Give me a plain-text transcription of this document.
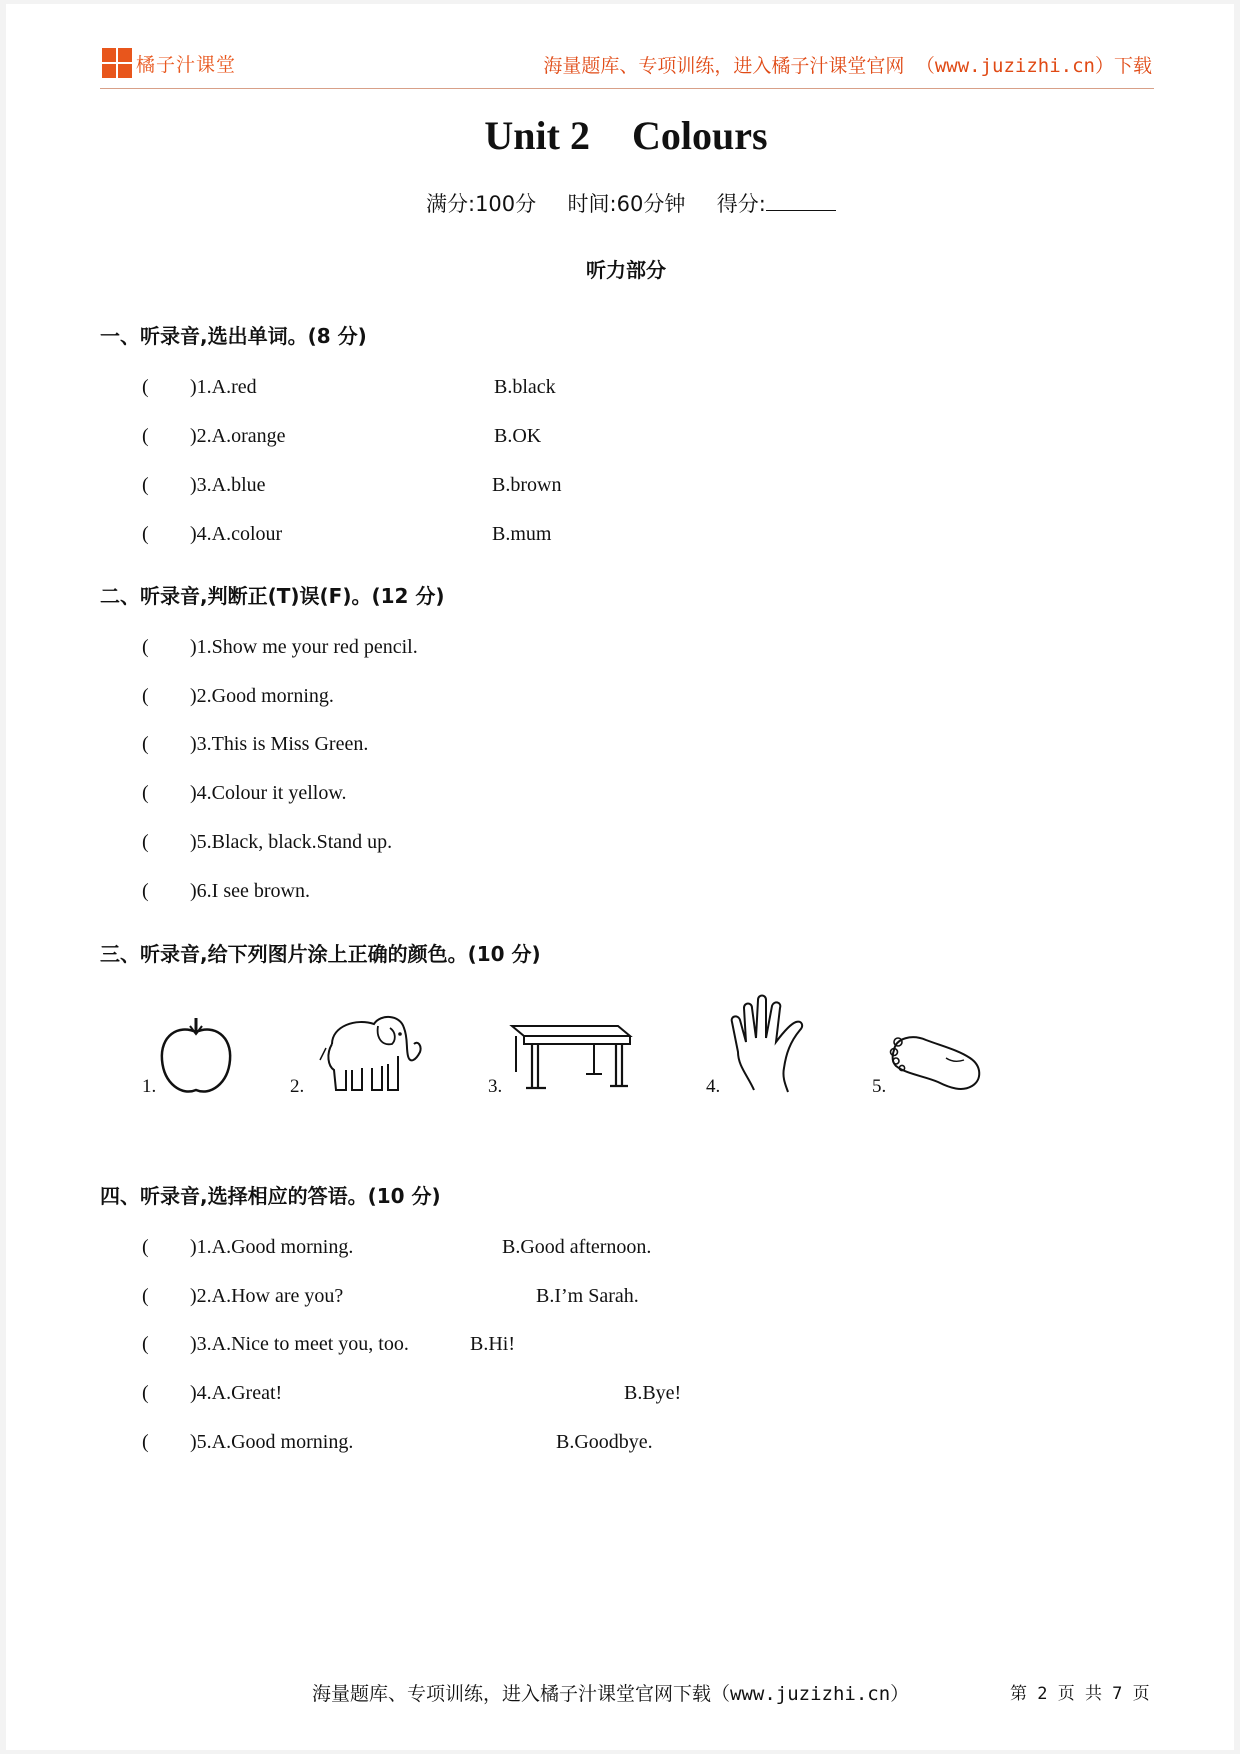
橘子汁课堂	海量题库、专项训练，进入橘子汁课堂官网 （www.juzizhi.cn）下载
Unit 2 Colours
满分:100分 时间:60分钟 得分:
听力部分
一、听录音,选出单词。(8 分)
( )1.A.red	B.black
( )2.A.orange	B.OK
( )3.A.blue	B.brown
( )4.A.colour	B.mum
二、听录音,判断正(T)误(F)。(12 分)
( )1.Show me your red pencil.
( )2.Good morning.
( )3.This is Miss Green.
( )4.Colour it yellow.
( )5.Black, black.Stand up.
( )6.I see brown.
三、听录音,给下列图片涂上正确的颜色。(10 分)
1.	2.	3.	4.	5.
四、听录音,选择相应的答语。(10 分)
( )1.A.Good morning.	B.Good afternoon.
( )2.A.How are you?	B.I’m Sarah.
( )3.A.Nice to meet you, too.	B.Hi!
( )4.A.Great!	B.Bye!
( )5.A.Good morning.	B.Goodbye.
海量题库、专项训练，进入橘子汁课堂官网下载（www.juzizhi.cn）	第 2 页 共 7 页
